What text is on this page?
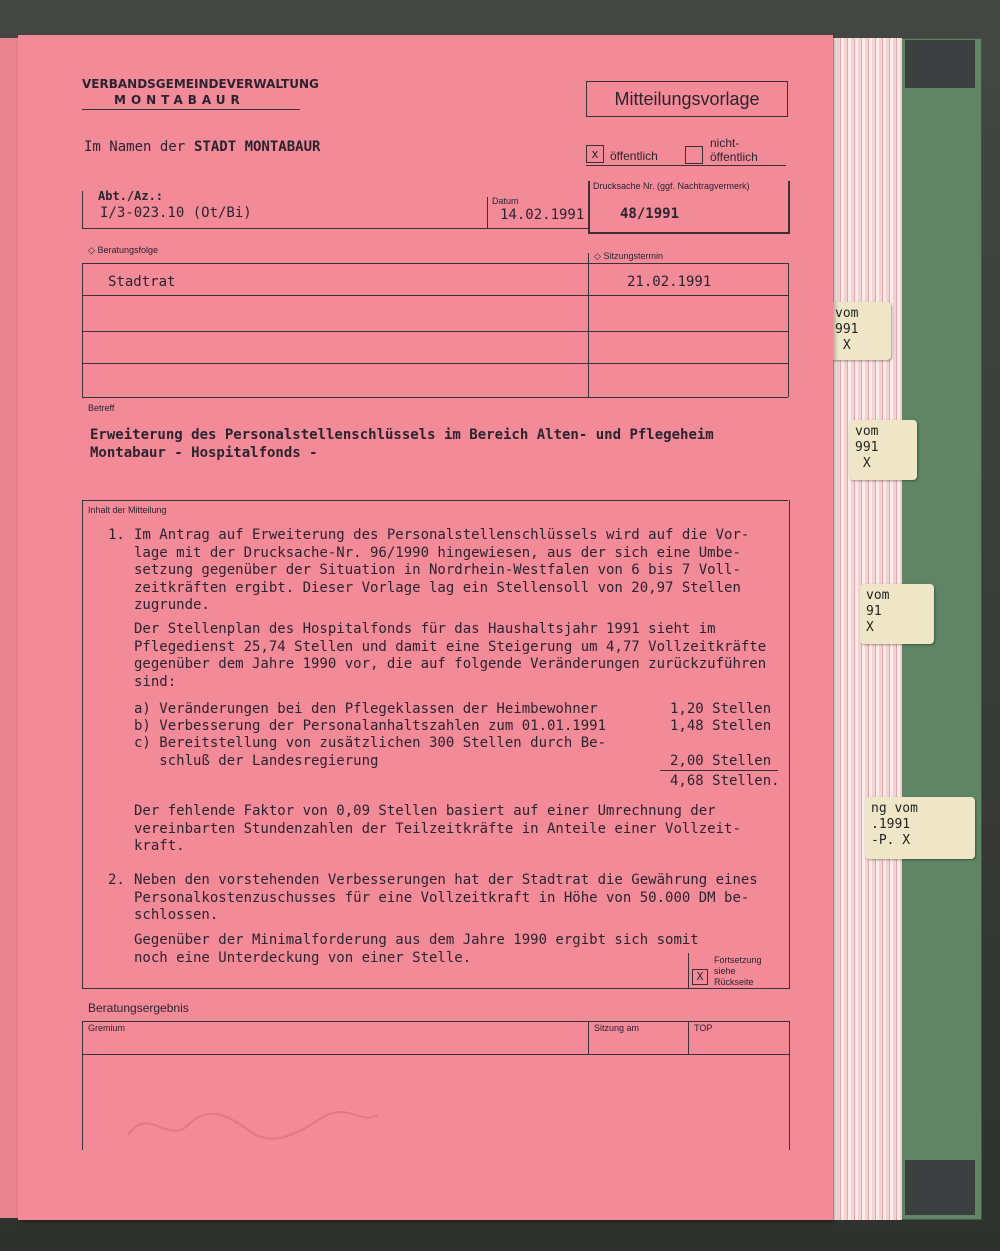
vom
991
X
vom
991
X
vom
91
X
ng vom
.1991
-P. X
VERBANDSGEMEINDEVERWALTUNG
MONTABAUR	Mitteilungsvorlage
Im Namen der STADT MONTABAUR	x öffentlich
nicht-
öffentlich
Abt./Az.:
I/3-023.10 (Ot/Bi)
Datum
14.02.1991
Drucksache Nr. (ggf. Nachtragvermerk)
48/1991
◇ Beratungsfolge
◇ Sitzungstermin
Stadtrat	21.02.1991
Betreff
Erweiterung des Personalstellenschlüssels im Bereich Alten- und Pflegeheim
Montabaur - Hospitalfonds -
Inhalt der Mitteilung
1. Im Antrag auf Erweiterung des Personalstellenschlüssels wird auf die Vor-
lage mit der Drucksache-Nr. 96/1990 hingewiesen, aus der sich eine Umbe-
setzung gegenüber der Situation in Nordrhein-Westfalen von 6 bis 7 Voll-
zeitkräften ergibt. Dieser Vorlage lag ein Stellensoll von 20,97 Stellen
zugrunde.
Der Stellenplan des Hospitalfonds für das Haushaltsjahr 1991 sieht im
Pflegedienst 25,74 Stellen und damit eine Steigerung um 4,77 Vollzeitkräfte
gegenüber dem Jahre 1990 vor, die auf folgende Veränderungen zurückzuführen
sind:
a) Veränderungen bei den Pflegeklassen der Heimbewohner	1,20 Stellen
b) Verbesserung der Personalanhaltszahlen zum 01.01.1991	1,48 Stellen
c) Bereitstellung von zusätzlichen 300 Stellen durch Be-
schluß der Landesregierung	2,00 Stellen
4,68 Stellen.
Der fehlende Faktor von 0,09 Stellen basiert auf einer Umrechnung der
vereinbarten Stundenzahlen der Teilzeitkräfte in Anteile einer Vollzeit-
kraft.
2. Neben den vorstehenden Verbesserungen hat der Stadtrat die Gewährung eines
Personalkostenzuschusses für eine Vollzeitkraft in Höhe von 50.000 DM be-
schlossen.
Gegenüber der Minimalforderung aus dem Jahre 1990 ergibt sich somit
noch eine Unterdeckung von einer Stelle.
X
Fortsetzung
siehe
Rückseite
Beratungsergebnis
Gremium	Sitzung am	TOP
